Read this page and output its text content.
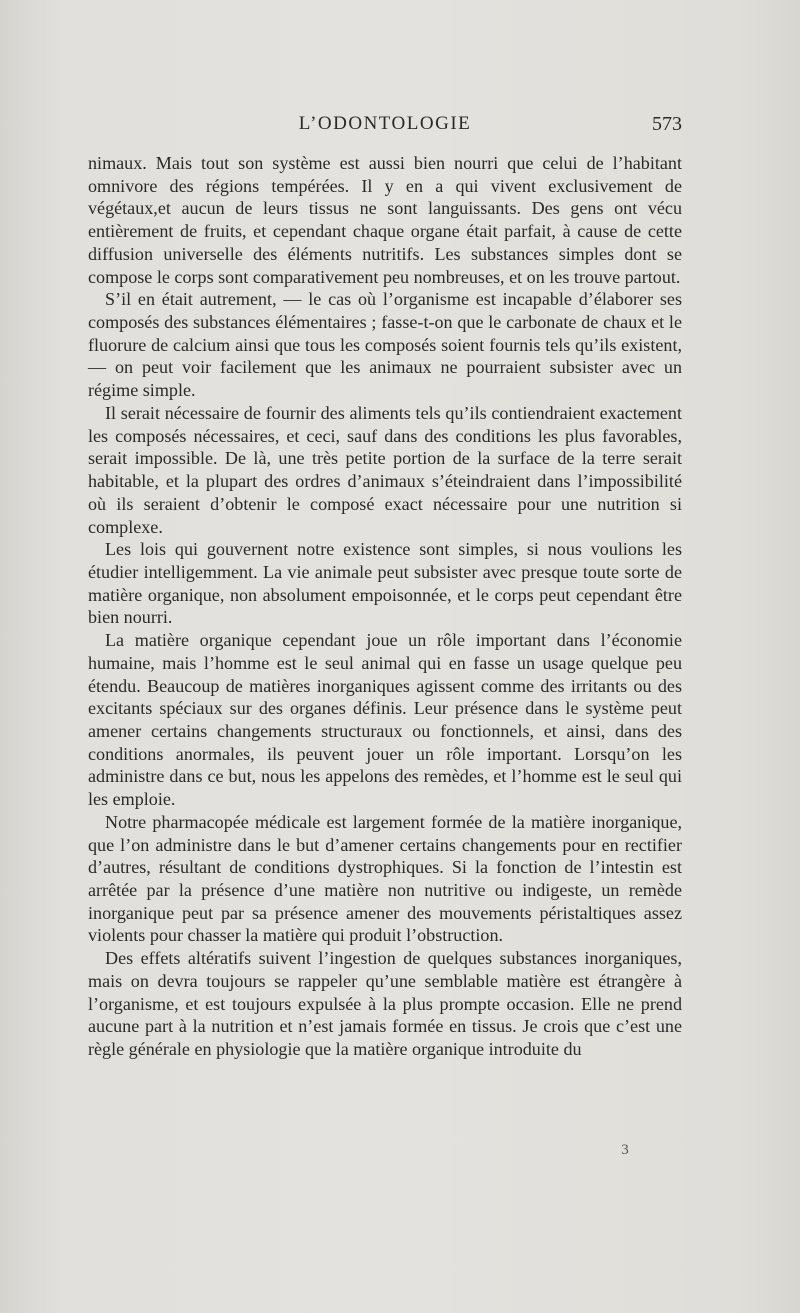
L’ODONTOLOGIE	573

nimaux. Mais tout son système est aussi bien nourri que celui de l’habitant omnivore des régions tempérées. Il y en a qui vivent exclusivement de végétaux,et aucun de leurs tissus ne sont languissants. Des gens ont vécu entièrement de fruits, et cependant chaque organe était parfait, à cause de cette diffusion universelle des éléments nutritifs. Les substances simples dont se compose le corps sont comparativement peu nombreuses, et on les trouve partout.

S’il en était autrement, — le cas où l’organisme est incapable d’élaborer ses composés des substances élémentaires ; fasse-t-on que le carbonate de chaux et le fluorure de calcium ainsi que tous les composés soient fournis tels qu’ils existent, — on peut voir facilement que les animaux ne pourraient subsister avec un régime simple.

Il serait nécessaire de fournir des aliments tels qu’ils contiendraient exactement les composés nécessaires, et ceci, sauf dans des conditions les plus favorables, serait impossible. De là, une très petite portion de la surface de la terre serait habitable, et la plupart des ordres d’animaux s’éteindraient dans l’impossibilité où ils seraient d’obtenir le composé exact nécessaire pour une nutrition si complexe.

Les lois qui gouvernent notre existence sont simples, si nous voulions les étudier intelligemment. La vie animale peut subsister avec presque toute sorte de matière organique, non absolument empoisonnée, et le corps peut cependant être bien nourri.

La matière organique cependant joue un rôle important dans l’économie humaine, mais l’homme est le seul animal qui en fasse un usage quelque peu étendu. Beaucoup de matières inorganiques agissent comme des irritants ou des excitants spéciaux sur des organes définis. Leur présence dans le système peut amener certains changements structuraux ou fonctionnels, et ainsi, dans des conditions anormales, ils peuvent jouer un rôle important. Lorsqu’on les administre dans ce but, nous les appelons des remèdes, et l’homme est le seul qui les emploie.

Notre pharmacopée médicale est largement formée de la matière inorganique, que l’on administre dans le but d’amener certains changements pour en rectifier d’autres, résultant de conditions dystrophiques. Si la fonction de l’intestin est arrêtée par la présence d’une matière non nutritive ou indigeste, un remède inorganique peut par sa présence amener des mouvements péristaltiques assez violents pour chasser la matière qui produit l’obstruction.

Des effets altératifs suivent l’ingestion de quelques substances inorganiques, mais on devra toujours se rappeler qu’une semblable matière est étrangère à l’organisme, et est toujours expulsée à la plus prompte occasion. Elle ne prend aucune part à la nutrition et n’est jamais formée en tissus. Je crois que c’est une règle générale en physiologie que la matière organique introduite du

3
